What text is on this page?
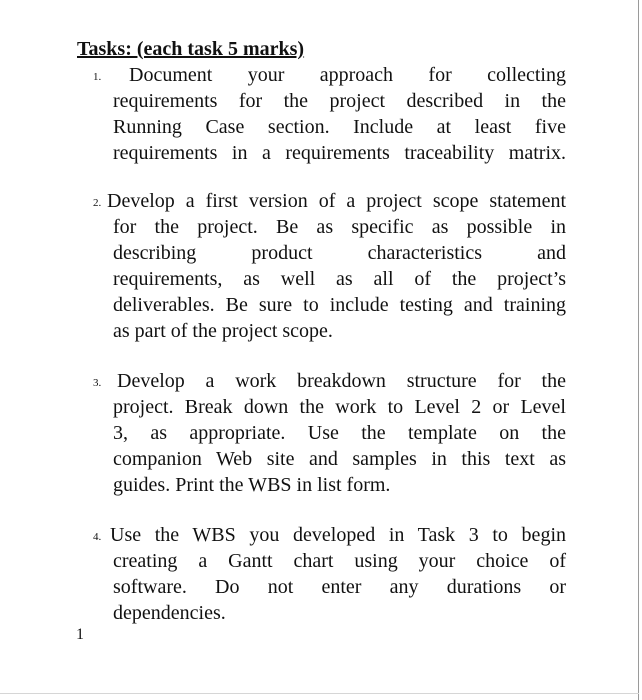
Tasks: (each task 5 marks)
1.	Document your approach for collecting
requirements for the project described in the
Running Case section. Include at least five
requirements in a requirements traceability matrix.
2. Develop a first version of a project scope statement
for the project. Be as specific as possible in
describing product characteristics and
requirements, as well as all of the project’s
deliverables. Be sure to include testing and training
as part of the project scope.
3. Develop a work breakdown structure for the
project. Break down the work to Level 2 or Level
3, as appropriate. Use the template on the
companion Web site and samples in this text as
guides. Print the WBS in list form.
4. Use the WBS you developed in Task 3 to begin
creating a Gantt chart using your choice of
software. Do not enter any durations or
dependencies.
1
